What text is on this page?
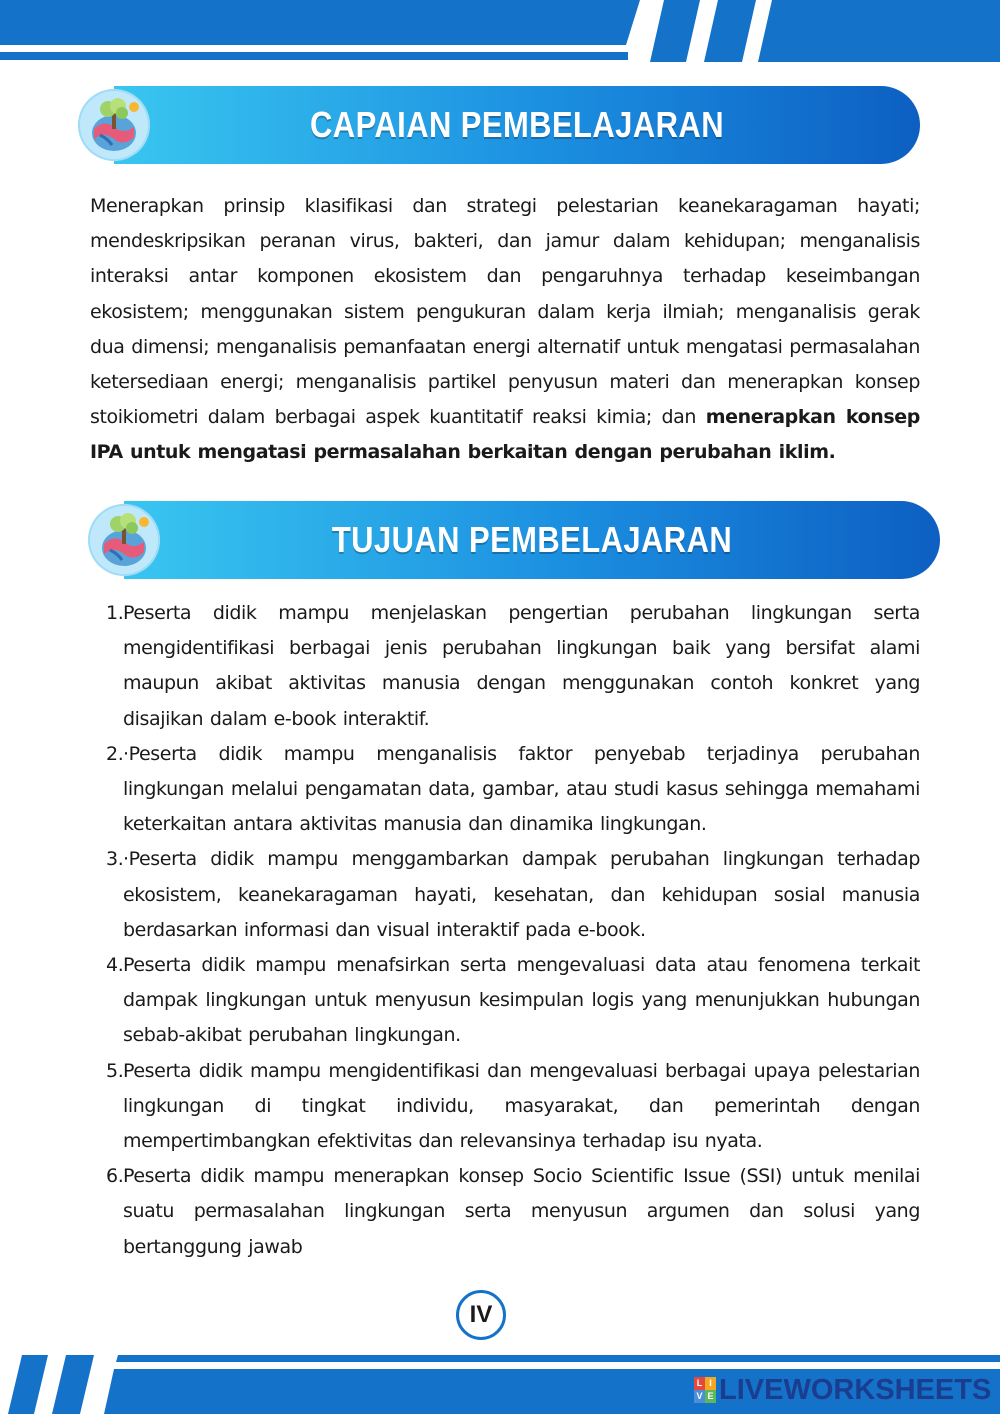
CAPAIAN PEMBELAJARAN

Menerapkan prinsip klasifikasi dan strategi pelestarian keanekaragaman hayati; mendeskripsikan peranan virus, bakteri, dan jamur dalam kehidupan; menganalisis interaksi antar komponen ekosistem dan pengaruhnya terhadap keseimbangan ekosistem; menggunakan sistem pengukuran dalam kerja ilmiah; menganalisis gerak dua dimensi; menganalisis pemanfaatan energi alternatif untuk mengatasi permasalahan ketersediaan energi; menganalisis partikel penyusun materi dan menerapkan konsep stoikiometri dalam berbagai aspek kuantitatif reaksi kimia; dan menerapkan konsep IPA untuk mengatasi permasalahan berkaitan dengan perubahan iklim.

TUJUAN PEMBELAJARAN
1. Peserta didik mampu menjelaskan pengertian perubahan lingkungan serta mengidentifikasi berbagai jenis perubahan lingkungan baik yang bersifat alami maupun akibat aktivitas manusia dengan menggunakan contoh konkret yang disajikan dalam e-book interaktif.
2. ·Peserta didik mampu menganalisis faktor penyebab terjadinya perubahan lingkungan melalui pengamatan data, gambar, atau studi kasus sehingga memahami keterkaitan antara aktivitas manusia dan dinamika lingkungan.
3. ·Peserta didik mampu menggambarkan dampak perubahan lingkungan terhadap ekosistem, keanekaragaman hayati, kesehatan, dan kehidupan sosial manusia berdasarkan informasi dan visual interaktif pada e-book.
4. Peserta didik mampu menafsirkan serta mengevaluasi data atau fenomena terkait dampak lingkungan untuk menyusun kesimpulan logis yang menunjukkan hubungan sebab-akibat perubahan lingkungan.
5. Peserta didik mampu mengidentifikasi dan mengevaluasi berbagai upaya pelestarian lingkungan di tingkat individu, masyarakat, dan pemerintah dengan mempertimbangkan efektivitas dan relevansinya terhadap isu nyata.
6. Peserta didik mampu menerapkan konsep Socio Scientific Issue (SSI) untuk menilai suatu permasalahan lingkungan serta menyusun argumen dan solusi yang bertanggung jawab
IV
L I
V E LIVEWORKSHEETS
